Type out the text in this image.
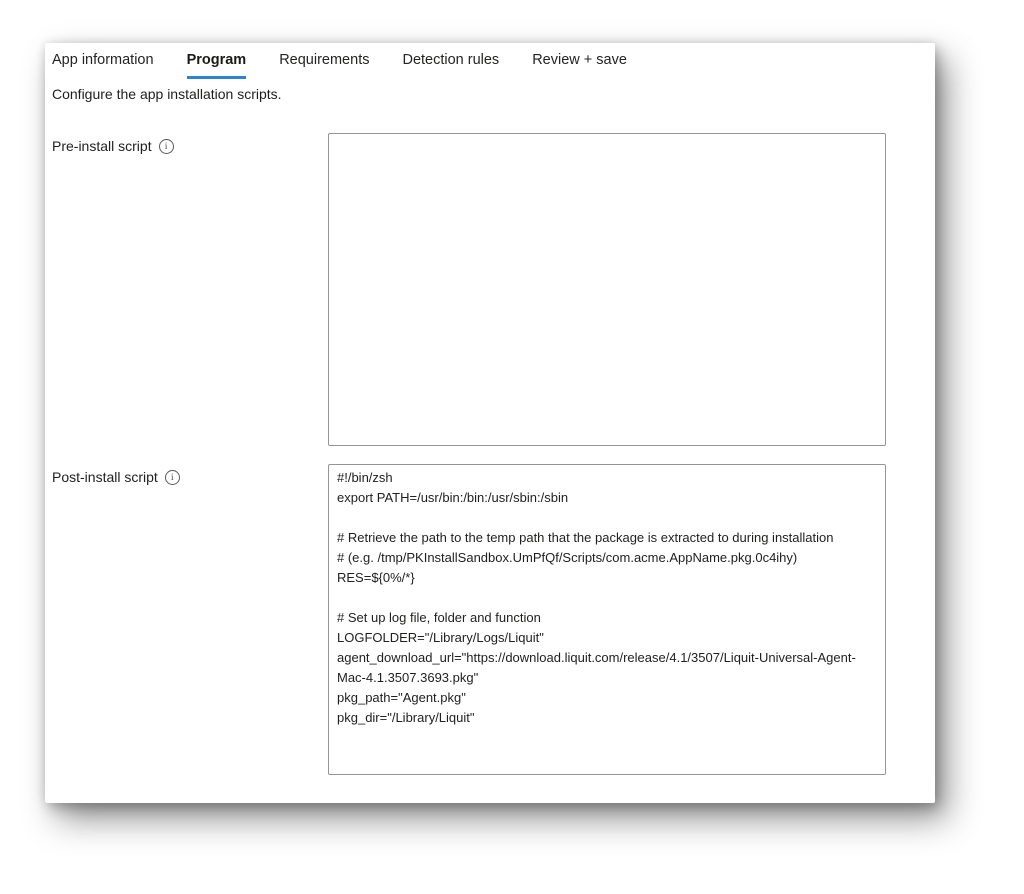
App information Program Requirements Detection rules Review + save

Configure the app installation scripts.

Pre-install script	i
Post-install script	i
#!/bin/zsh export PATH=/usr/bin:/bin:/usr/sbin:/sbin # Retrieve the path to the temp path that the package is extracted to during installation # (e.g. /tmp/PKInstallSandbox.UmPfQf/Scripts/com.acme.AppName.pkg.0c4ihy) RES=${0%/*} # Set up log file, folder and function LOGFOLDER="/Library/Logs/Liquit" agent_download_url="https://download.liquit.com/release/4.1/3507/Liquit-Universal-Agent-Mac-4.1.3507.3693.pkg" pkg_path="Agent.pkg" pkg_dir="/Library/Liquit"
